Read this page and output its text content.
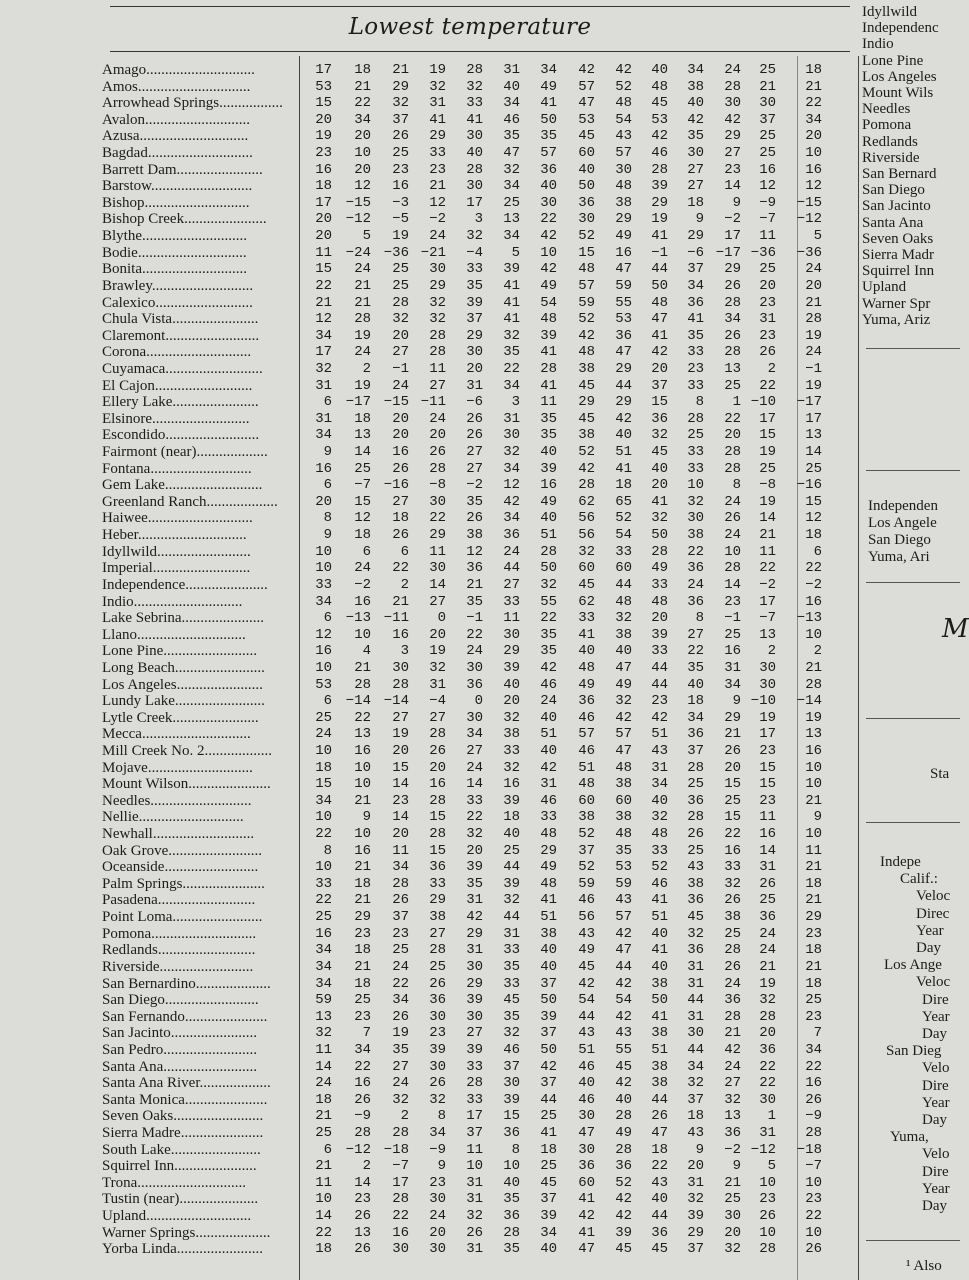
Lowest temperature
Amago.............................	17	18	21	19	28	31	34	42	42	40	34	24	25	18
Amos..............................	53	21	29	32	32	40	49	57	52	48	38	28	21	21
Arrowhead Springs.................	15	22	32	31	33	34	41	47	48	45	40	30	30	22
Avalon............................	20	34	37	41	41	46	50	53	54	53	42	42	37	34
Azusa.............................	19	20	26	29	30	35	35	45	43	42	35	29	25	20
Bagdad............................	23	10	25	33	40	47	57	60	57	46	30	27	25	10
Barrett Dam.......................	16	20	23	23	28	32	36	40	30	28	27	23	16	16
Barstow...........................	18	12	16	21	30	34	40	50	48	39	27	14	12	12
Bishop............................	17 −15	−3	12	17	25	30	36	38	29	18	9	−9	−15
Bishop Creek......................	20 −12	−5	−2	3	13	22	30	29	19	9	−2	−7	−12
Blythe............................	20	5	19	24	32	34	42	52	49	41	29	17	11	5
Bodie.............................	11 −24 −36 −21	−4	5	10	15	16	−1	−6 −17 −36	−36
Bonita............................	15	24	25	30	33	39	42	48	47	44	37	29	25	24
Brawley...........................	22	21	25	29	35	41	49	57	59	50	34	26	20	20
Calexico..........................	21	21	28	32	39	41	54	59	55	48	36	28	23	21
Chula Vista.......................	12	28	32	32	37	41	48	52	53	47	41	34	31	28
Claremont.........................	34	19	20	28	29	32	39	42	36	41	35	26	23	19
Corona............................	17	24	27	28	30	35	41	48	47	42	33	28	26	24
Cuyamaca..........................	32	2	−1	11	20	22	28	38	29	20	23	13	2	−1
El Cajon..........................	31	19	24	27	31	34	41	45	44	37	33	25	22	19
Ellery Lake.......................	6 −17 −15 −11	−6	3	11	29	29	15	8	1 −10	−17
Elsinore..........................	31	18	20	24	26	31	35	45	42	36	28	22	17	17
Escondido.........................	34	13	20	20	26	30	35	38	40	32	25	20	15	13
Fairmont (near)...................	9	14	16	26	27	32	40	52	51	45	33	28	19	14
Fontana...........................	16	25	26	28	27	34	39	42	41	40	33	28	25	25
Gem Lake..........................	6	−7 −16	−8	−2	12	16	28	18	20	10	8	−8	−16
Greenland Ranch...................	20	15	27	30	35	42	49	62	65	41	32	24	19	15
Haiwee............................	8	12	18	22	26	34	40	56	52	32	30	26	14	12
Heber.............................	9	18	26	29	38	36	51	56	54	50	38	24	21	18
Idyllwild.........................	10	6	6	11	12	24	28	32	33	28	22	10	11	6
Imperial..........................	10	24	22	30	36	44	50	60	60	49	36	28	22	22
Independence......................	33	−2	2	14	21	27	32	45	44	33	24	14	−2	−2
Indio.............................	34	16	21	27	35	33	55	62	48	48	36	23	17	16
Lake Sebrina......................	6 −13 −11	0	−1	11	22	33	32	20	8	−1	−7	−13
Llano.............................	12	10	16	20	22	30	35	41	38	39	27	25	13	10
Lone Pine.........................	16	4	3	19	24	29	35	40	40	33	22	16	2	2
Long Beach........................	10	21	30	32	30	39	42	48	47	44	35	31	30	21
Los Angeles.......................	53	28	28	31	36	40	46	49	49	44	40	34	30	28
Lundy Lake........................	6 −14 −14	−4	0	20	24	36	32	23	18	9 −10	−14
Lytle Creek.......................	25	22	27	27	30	32	40	46	42	42	34	29	19	19
Mecca.............................	24	13	19	28	34	38	51	57	57	51	36	21	17	13
Mill Creek No. 2..................	10	16	20	26	27	33	40	46	47	43	37	26	23	16
Mojave............................	18	10	15	20	24	32	42	51	48	31	28	20	15	10
Mount Wilson......................	15	10	14	16	14	16	31	48	38	34	25	15	15	10
Needles...........................	34	21	23	28	33	39	46	60	60	40	36	25	23	21
Nellie............................	10	9	14	15	22	18	33	38	38	32	28	15	11	9
Newhall...........................	22	10	20	28	32	40	48	52	48	48	26	22	16	10
Oak Grove.........................	8	16	11	15	20	25	29	37	35	33	25	16	14	11
Oceanside.........................	10	21	34	36	39	44	49	52	53	52	43	33	31	21
Palm Springs......................	33	18	28	33	35	39	48	59	59	46	38	32	26	18
Pasadena..........................	22	21	26	29	31	32	41	46	43	41	36	26	25	21
Point Loma........................	25	29	37	38	42	44	51	56	57	51	45	38	36	29
Pomona............................	16	23	23	27	29	31	38	43	42	40	32	25	24	23
Redlands..........................	34	18	25	28	31	33	40	49	47	41	36	28	24	18
Riverside.........................	34	21	24	25	30	35	40	45	44	40	31	26	21	21
San Bernardino....................	34	18	22	26	29	33	37	42	42	38	31	24	19	18
San Diego.........................	59	25	34	36	39	45	50	54	54	50	44	36	32	25
San Fernando......................	13	23	26	30	30	35	39	44	42	41	31	28	28	23
San Jacinto.......................	32	7	19	23	27	32	37	43	43	38	30	21	20	7
San Pedro.........................	11	34	35	39	39	46	50	51	55	51	44	42	36	34
Santa Ana.........................	14	22	27	30	33	37	42	46	45	38	34	24	22	22
Santa Ana River...................	24	16	24	26	28	30	37	40	42	38	32	27	22	16
Santa Monica......................	18	26	32	32	33	39	44	46	40	44	37	32	30	26
Seven Oaks........................	21	−9	2	8	17	15	25	30	28	26	18	13	1	−9
Sierra Madre......................	25	28	28	34	37	36	41	47	49	47	43	36	31	28
South Lake........................	6 −12 −18	−9	11	8	18	30	28	18	9	−2 −12	−18
Squirrel Inn......................	21	2	−7	9	10	10	25	36	36	22	20	9	5	−7
Trona.............................	11	14	17	23	31	40	45	60	52	43	31	21	10	10
Tustin (near).....................	10	23	28	30	31	35	37	41	42	40	32	25	23	23
Upland............................	14	26	22	24	32	36	39	42	42	44	39	30	26	22
Warner Springs....................	22	13	16	20	26	28	34	41	39	36	29	20	10	10
Yorba Linda.......................	18	26	30	30	31	35	40	47	45	45	37	32	28	26
Idyllwild
Independenc
Indio
Lone Pine
Los Angeles
Mount Wils
Needles
Pomona
Redlands
Riverside
San Bernard
San Diego
San Jacinto
Santa Ana
Seven Oaks
Sierra Madr
Squirrel Inn
Upland
Warner Spr
Yuma, Ariz
Independen
Los Angele
San Diego
Yuma, Ari
M
Sta
Indepe
Calif.:
Veloc
Direc
Year
Day
Los Ange
Veloc
Dire
Year
Day
San Dieg
Velo
Dire
Year
Day
Yuma,
Velo
Dire
Year
Day
¹ Also
